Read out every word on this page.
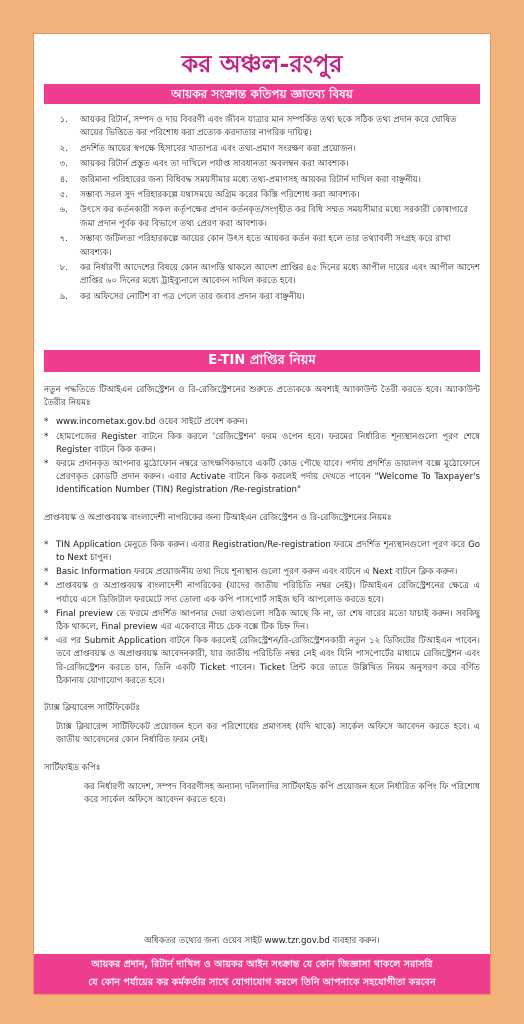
কর অঞ্চল-রংপুর
আয়কর সংক্রান্ত কতিপয় জ্ঞাতব্য বিষয়
১. আয়কর রিটার্ন, সম্পদ ও দায় বিবরণী এবং জীবন যাত্রার মান সম্পর্কিত তথ্য ছকে সঠিক তথ্য প্রদান করে ঘোষিত আয়ের ভিত্তিতে কর পরিশোধ করা প্রত্যেক করদাতার নাগরিক দায়িত্ব।
২. প্রদর্শিত আয়ের স্বপক্ষে হিসাবের খাতাপত্র এবং তথ্য-প্রমাণ সংরক্ষণ করা প্রয়োজন।
৩. আয়কর রিটার্ন প্রস্তুত এবং তা দাখিলে পর্যাপ্ত সাবধানতা অবলম্বন করা আবশ্যক।
৪. জরিমানা পরিহারের জন্য বিধিবদ্ধ সময়সীমার মধ্যে তথ্য-প্রমাণসহ আয়কর রিটার্ন দাখিল করা বাঞ্ছনীয়।
৫. সম্ভাব্য সরল সুদ পরিহারকল্পে যথাসময়ে অগ্রিম করের কিস্তি পরিশোধ করা আবশ্যক।
৬. উৎসে কর কর্তনকারী সকল কর্তৃপক্ষের প্রদান কর্তনকৃত/সংগৃহীত কর বিধি সম্মত সময়সীমার মধ্যে সরকারী কোষাগারে জমা প্রদান পূর্বক কর বিভাগে তথ্য প্রেরণ করা আবশ্যক।
৭. সম্ভাব্য জটিলতা পরিহারকল্পে আয়ের কোন উৎস হতে আয়কর কর্তন করা হলে তার তথ্যাবলী সংগ্রহ করে রাখা আবশ্যক।
৮. কর নির্ধারণী আদেশের বিষয়ে কোন আপত্তি থাকলে আদেশ প্রাপ্তির ৪৫ দিনের মধ্যে আপীল দায়ের এবং আপীল আদেশ প্রাপ্তির ৬০ দিনের মধ্যে ট্রাইব্যুনালে আবেদন দাখিল করতে হবে।
৯. কর অফিসের নোটিশ বা পত্র পেলে তার জবাব প্রদান করা বাঞ্ছনীয়।
E-TIN প্রাপ্তির নিয়ম

নতুন পদ্ধতিতে টিআইএন রেজিস্ট্রেশন ও রি-রেজিস্ট্রেশনের শুরুতে প্রত্যেককে অবশ্যই অ্যাকাউন্ট তৈরী করতে হবে। অ্যাকাউন্ট তৈরীর নিয়মঃ

* www.incometax.gov.bd ওয়েব সাইটে প্রবেশ করুন।
* হোমপেজের Register বাটনে কিক করলে 'রেজিস্ট্রেশন' ফরম ওপেন হবে। ফরমের নির্ধারিত শূন্যস্থানগুলো পূরণ শেষে Register বাটনে কিক করুন।
* ফরমে প্রদানকৃত আপনার মুঠোফোন নম্বরে তাৎক্ষণিকভাবে একটি কোড পৌছে যাবে। পর্দায় প্রদর্শিত ডায়ালগ বক্সে মুঠোফোনে প্রেরণকৃত কোডটি প্রদান করুন। এবার Activate বাটনে কিক করলেই পর্দায় দেখতে পাবেন "Welcome To Taxpayer's Identification Number (TIN) Registration /Re-registration"

প্রাপ্তবয়স্ক ও অপ্রাপ্তবয়স্ক বাংলাদেশী নাগরিকের জন্য টিআইএন রেজিস্ট্রেশন ও রি-রেজিস্ট্রেশনের নিয়মঃ

* TIN Application মেনুতে কিক করুন। এবার Registration/Re-registration ফরমে প্রদর্শিত শূন্যস্থানগুলো পূরণ করে Go to Next চাপুন।
* Basic Information ফরমে প্রয়োজনীয় তথ্য দিয়ে শূন্যস্থান গুলো পূরণ করুন এবং বাটনে এ Next বাটনে ক্লিক করুন।
* প্রাপ্তবয়স্ক ও অপ্রাপ্তবয়স্ক বাংলাদেশী নাগরিকের (যাদের জাতীয় পরিচিতি নম্বর নেই)। টিআইএন রেজিস্ট্রেশনের ক্ষেত্রে এ পর্যায়ে এসে ডিজিটাল ফরমেটে সদ্য তোলা এক কপি পাসপোর্ট সাইজ ছবি আপলোড করতে হবে।
* Final preview তে ফরমে প্রদর্শিত আপনার দেয়া তথ্যগুলো সঠিক আছে কি না, তা শেষ বারের মতো যাচাই করুন। সবকিছু ঠিক থাকলে, Final preview এর একেবারে নীচে চেক বক্সে টিক চিহ্ন দিন।
* এর পর Submit Application বাটনে কিক করলেই রেজিস্ট্রেশন/রি-রেজিস্ট্রেশনকারী নতুন ১২ ডিজিটের টিআইএন পাবেন। তবে প্রাপ্তবয়স্ক ও অপ্রাপ্তবয়স্ক আবেদনকারী, যার জাতীয় পরিচিতি নম্বর নেই এবং যিনি পাসপোর্টের মাধ্যমে রেজিস্ট্রেশন এবং রি-রেজিস্ট্রেশন করতে চান, তিনি একটি Ticket পাবেন। Ticket প্রিন্ট করে তাতে উল্লিখিত নিয়ম অনুসরণ করে বর্ণিত ঠিকানায় যোগাযোগ করতে হবে।

ট্যাক্স ক্লিয়ারেন্স সার্টিফিকেটঃ

ট্যাক্স ক্লিয়ারেন্স সার্টিফিকেট প্রয়োজন হলে কর পরিশোধের প্রমাণসহ (যদি থাকে) সার্কেল অফিসে আবেদন করতে হবে। এ জাতীয় আবেদনের কোন নির্ধারিত ফরম নেই।

সার্টিফাইড কপিঃ

কর নির্ধারণী আদেশ, সম্পদ বিবরণীসহ অন্যান্য দলিলাদির সার্টিফাইড কপি প্রয়োজন হলে নির্ধারিত কপিং ফি পরিশোধ করে সার্কেল অফিসে আবেদন করতে হবে।

অধিকতর তথ্যের জন্য ওয়েব সাইট www.tzr.gov.bd ব্যবহার করুন।
আয়কর প্রদান, রিটার্ন দাখিল ও আয়কর আইন সংক্রান্ত যে কোন জিজ্ঞাসা থাকলে সরাসরি
যে কোন পর্যায়ের কর কর্মকর্তার সাথে যোগাযোগ করলে তিনি আপনাকে সহযোগীতা করবেন
